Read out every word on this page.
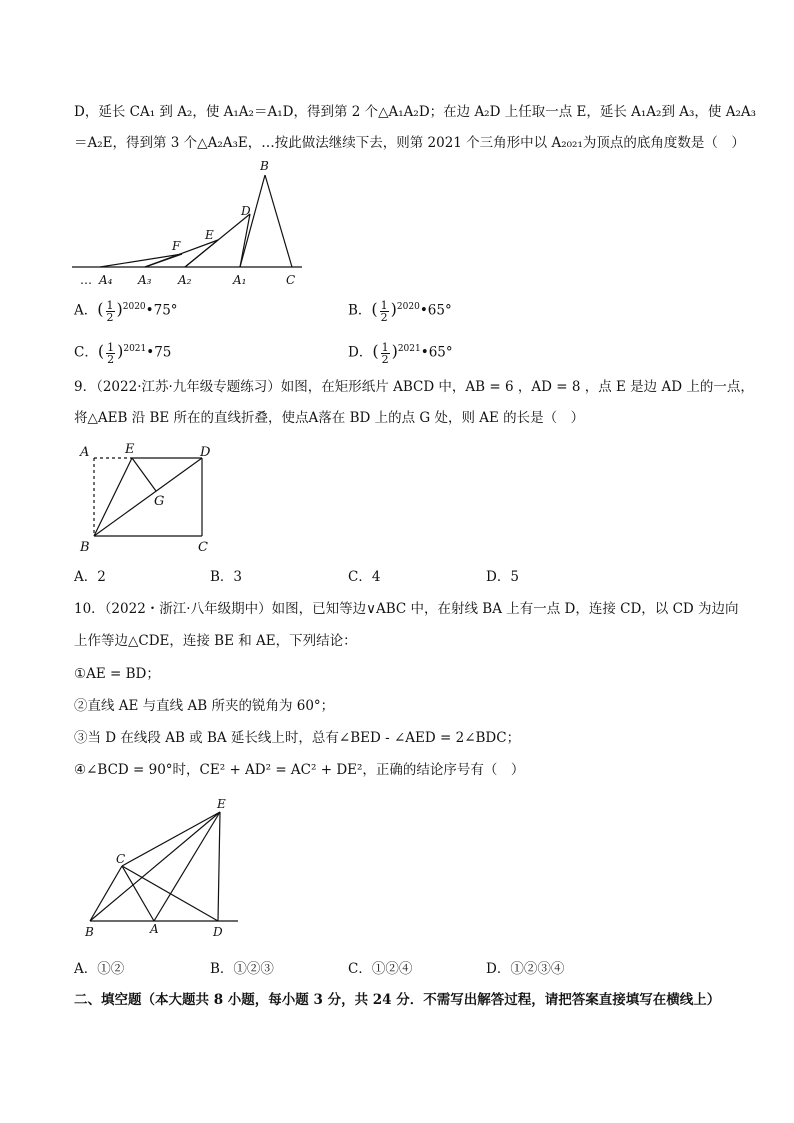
D，延长 CA₁ 到 A₂，使 A₁A₂＝A₁D，得到第 2 个△A₁A₂D；在边 A₂D 上任取一点 E，延长 A₁A₂到 A₃，使 A₂A₃
＝A₂E，得到第 3 个△A₂A₃E，…按此做法继续下去，则第 2021 个三角形中以 A₂₀₂₁为顶点的底角度数是（　）
B
D
E
F
… A₄ A₃ A₂	A₁	C
A．( $\frac{1}{2}$ )$^{2020}$•75°	B．( $\frac{1}{2}$ )$^{2020}$•65°
C．( $\frac{1}{2}$ )$^{2021}$•75	D．( $\frac{1}{2}$ )$^{2021}$•65°
9．（2022·江苏·九年级专题练习）如图，在矩形纸片 ABCD 中，AB = 6 ，AD = 8 ，点 E 是边 AD 上的一点，
将△AEB 沿 BE 所在的直线折叠，使点A落在 BD 上的点 G 处，则 AE 的长是（　）
A	E	D
G
B	C
A．2	B．3	C．4	D．5
10．（2022・浙江·八年级期中）如图，已知等边∨ABC 中，在射线 BA 上有一点 D，连接 CD，以 CD 为边向
上作等边△CDE，连接 BE 和 AE，下列结论：
①AE = BD；
②直线 AE 与直线 AB 所夹的锐角为 60°；
③当 D 在线段 AB 或 BA 延长线上时，总有∠BED - ∠AED = 2∠BDC；
④∠BCD = 90°时，CE² + AD² = AC² + DE²，正确的结论序号有（　）
E
C
B	A	D
A．①②	B．①②③	C．①②④	D．①②③④
二、填空题（本大题共 8 小题，每小题 3 分，共 24 分．不需写出解答过程，请把答案直接填写在横线上）
